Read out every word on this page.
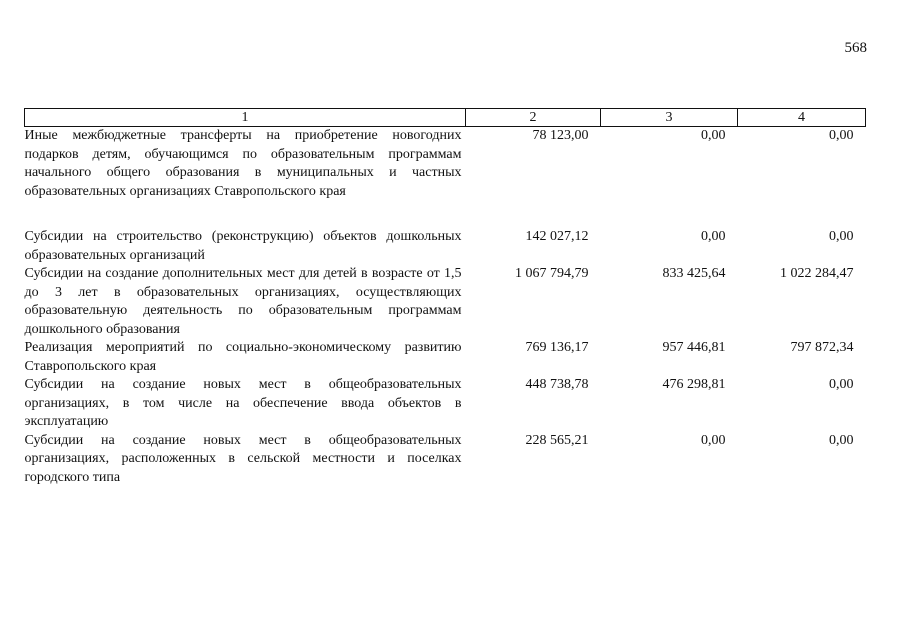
568
1	2	3	4
Иные межбюджетные трансферты на приобретение новогодних подарков детям, обучающимся по образовательным программам начального общего образования в муниципальных и частных образовательных организациях Ставропольского края	78 123,00	0,00	0,00
Субсидии на строительство (реконструкцию) объектов дошкольных образовательных организаций	142 027,12	0,00	0,00
Субсидии на создание дополнительных мест для детей в возрасте от 1,5 до 3 лет в образовательных организациях, осуществляющих образовательную деятельность по образовательным программам дошкольного образования	1 067 794,79	833 425,64	1 022 284,47
Реализация мероприятий по социально-экономическому развитию Ставропольского края	769 136,17	957 446,81	797 872,34
Субсидии на создание новых мест в общеобразовательных организациях, в том числе на обеспечение ввода объектов в эксплуатацию	448 738,78	476 298,81	0,00
Субсидии на создание новых мест в общеобразовательных организациях, расположенных в сельской местности и поселках городского типа	228 565,21	0,00	0,00
